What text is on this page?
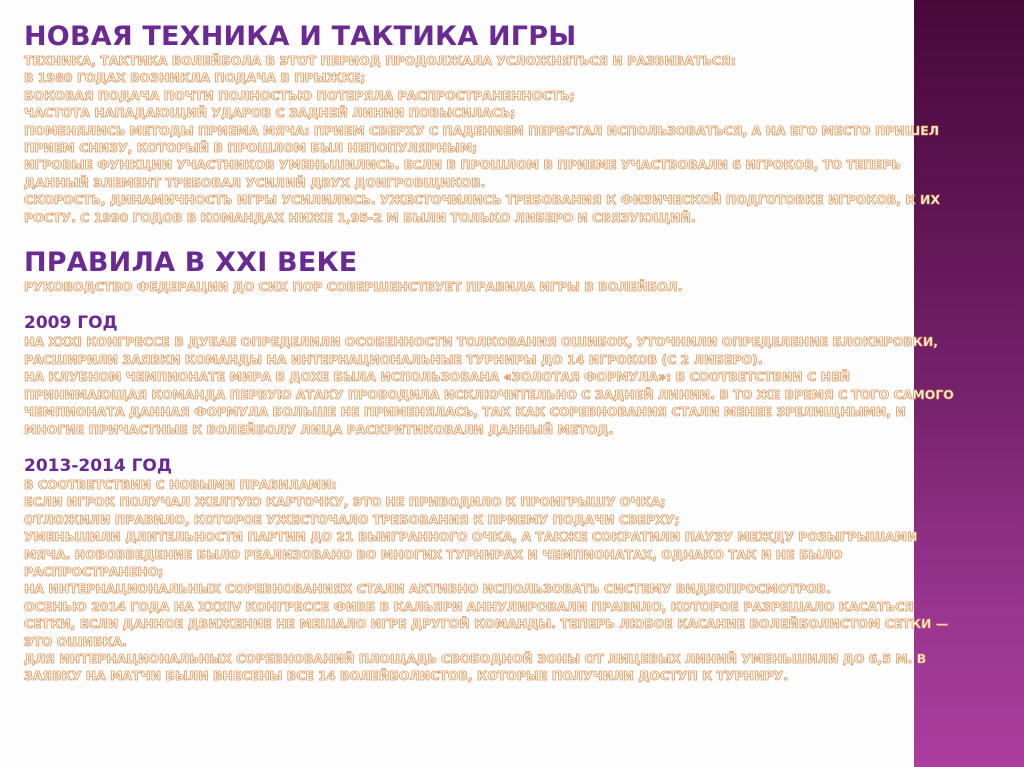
НОВАЯ ТЕХНИКА И ТАКТИКА ИГРЫ
ТЕХНИКА, ТАКТИКА ВОЛЕЙБОЛА В ЭТОТ ПЕРИОД ПРОДОЛЖАЛА УСЛОЖНЯТЬСЯ И РАЗВИВАТЬСЯ:
В 1980 ГОДАХ ВОЗНИКЛА ПОДАЧА В ПРЫЖКЕ;
БОКОВАЯ ПОДАЧА ПОЧТИ ПОЛНОСТЬЮ ПОТЕРЯЛА РАСПРОСТРАНЕННОСТЬ;
ЧАСТОТА НАПАДАЮЩИЙ УДАРОВ С ЗАДНЕЙ ЛИНИИ ПОВЫСИЛАСЬ;
ПОМЕНЯЛИСЬ МЕТОДЫ ПРИЕМА МЯЧА: ПРИЕМ СВЕРХУ С ПАДЕНИЕМ ПЕРЕСТАЛ ИСПОЛЬЗОВАТЬСЯ, А НА ЕГО МЕСТО ПРИШЕЛ
ПРИЕМ СНИЗУ, КОТОРЫЙ В ПРОШЛОМ БЫЛ НЕПОПУЛЯРНЫМ;
ИГРОВЫЕ ФУНКЦИИ УЧАСТНИКОВ УМЕНЬШИЛИСЬ. ЕСЛИ В ПРОШЛОМ В ПРИЕМЕ УЧАСТВОВАЛИ 6 ИГРОКОВ, ТО ТЕПЕРЬ
ДАННЫЙ ЭЛЕМЕНТ ТРЕБОВАЛ УСИЛИЙ ДВУХ ДОИГРОВЩИКОВ.
СКОРОСТЬ, ДИНАМИЧНОСТЬ ИГРЫ УСИЛИЛИСЬ. УЖЕСТОЧИЛИСЬ ТРЕБОВАНИЯ К ФИЗИЧЕСКОЙ ПОДГОТОВКЕ ИГРОКОВ, К ИХ
РОСТУ. С 1990 ГОДОВ В КОМАНДАХ НИЖЕ 1,95-2 М БЫЛИ ТОЛЬКО ЛИБЕРО И СВЯЗУЮЩИЙ.
ПРАВИЛА В XXI ВЕКЕ
РУКОВОДСТВО ФЕДЕРАЦИИ ДО СИХ ПОР СОВЕРШЕНСТВУЕТ ПРАВИЛА ИГРЫ В ВОЛЕЙБОЛ.
2009 ГОД
НА XXXI КОНГРЕССЕ В ДУБАЕ ОПРЕДЕЛИЛИ ОСОБЕННОСТИ ТОЛКОВАНИЯ ОШИБОК, УТОЧНИЛИ ОПРЕДЕЛЕНИЕ БЛОКИРОВКИ,
РАСШИРИЛИ ЗАЯВКИ КОМАНДЫ НА ИНТЕРНАЦИОНАЛЬНЫЕ ТУРНИРЫ ДО 14 ИГРОКОВ (С 2 ЛИБЕРО).
НА КЛУБНОМ ЧЕМПИОНАТЕ МИРА В ДОХЕ БЫЛА ИСПОЛЬЗОВАНА «ЗОЛОТАЯ ФОРМУЛА»: В СООТВЕТСТВИИ С НЕЙ
ПРИНИМАЮЩАЯ КОМАНДА ПЕРВУЮ АТАКУ ПРОВОДИЛА ИСКЛЮЧИТЕЛЬНО С ЗАДНЕЙ ЛИНИИ. В ТО ЖЕ ВРЕМЯ С ТОГО САМОГО
ЧЕМПИОНАТА ДАННАЯ ФОРМУЛА БОЛЬШЕ НЕ ПРИМЕНЯЛАСЬ, ТАК КАК СОРЕВНОВАНИЯ СТАЛИ МЕНЕЕ ЗРЕЛИЩНЫМИ, И
МНОГИЕ ПРИЧАСТНЫЕ К ВОЛЕЙБОЛУ ЛИЦА РАСКРИТИКОВАЛИ ДАННЫЙ МЕТОД.
2013-2014 ГОД
В СООТВЕТСТВИИ С НОВЫМИ ПРАВИЛАМИ:
ЕСЛИ ИГРОК ПОЛУЧАЛ ЖЕЛТУЮ КАРТОЧКУ, ЭТО НЕ ПРИВОДИЛО К ПРОИГРЫШУ ОЧКА;
ОТЛОЖИЛИ ПРАВИЛО, КОТОРОЕ УЖЕСТОЧАЛО ТРЕБОВАНИЯ К ПРИЕМУ ПОДАЧИ СВЕРХУ;
УМЕНЬШИЛИ ДЛИТЕЛЬНОСТИ ПАРТИИ ДО 21 ВЫИГРАННОГО ОЧКА, А ТАКЖЕ СОКРАТИЛИ ПАУЗУ МЕЖДУ РОЗЫГРЫШАМИ
МЯЧА. НОВОВВЕДЕНИЕ БЫЛО РЕАЛИЗОВАНО ВО МНОГИХ ТУРНИРАХ И ЧЕМПИОНАТАХ, ОДНАКО ТАК И НЕ БЫЛО
РАСПРОСТРАНЕНО;
НА ИНТЕРНАЦИОНАЛЬНЫХ СОРЕВНОВАНИЯХ СТАЛИ АКТИВНО ИСПОЛЬЗОВАТЬ СИСТЕМУ ВИДЕОПРОСМОТРОВ.
ОСЕНЬЮ 2014 ГОДА НА XXXIV КОНГРЕССЕ ФИВБ В КАЛЬЯРИ АННУЛИРОВАЛИ ПРАВИЛО, КОТОРОЕ РАЗРЕШАЛО КАСАТЬСЯ
СЕТКИ, ЕСЛИ ДАННОЕ ДВИЖЕНИЕ НЕ МЕШАЛО ИГРЕ ДРУГОЙ КОМАНДЫ. ТЕПЕРЬ ЛЮБОЕ КАСАНИЕ ВОЛЕЙБОЛИСТОМ СЕТКИ —
ЭТО ОШИБКА.
ДЛЯ ИНТЕРНАЦИОНАЛЬНЫХ СОРЕВНОВАНИЙ ПЛОЩАДЬ СВОБОДНОЙ ЗОНЫ ОТ ЛИЦЕВЫХ ЛИНИЙ УМЕНЬШИЛИ ДО 6,5 М. В
ЗАЯВКУ НА МАТЧИ БЫЛИ ВНЕСЕНЫ ВСЕ 14 ВОЛЕЙБОЛИСТОВ, КОТОРЫЕ ПОЛУЧИЛИ ДОСТУП К ТУРНИРУ.
